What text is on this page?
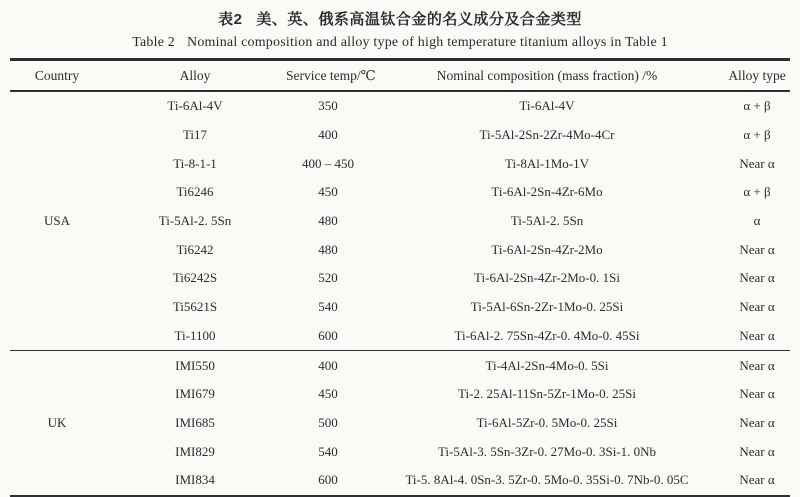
表2 美、英、俄系高温钛合金的名义成分及合金类型
Table 2 Nominal composition and alloy type of high temperature titanium alloys in Table 1
Country	Alloy	Service temp/℃	Nominal composition (mass fraction) /%	Alloy type
USA	Ti-6Al-4V	350	Ti-6Al-4V	α + β
	Ti17	400	Ti-5Al-2Sn-2Zr-4Mo-4Cr	α + β
	Ti-8-1-1	400 – 450	Ti-8Al-1Mo-1V	Near α
	Ti6246	450	Ti-6Al-2Sn-4Zr-6Mo	α + β
	Ti-5Al-2. 5Sn	480	Ti-5Al-2. 5Sn	α
	Ti6242	480	Ti-6Al-2Sn-4Zr-2Mo	Near α
	Ti6242S	520	Ti-6Al-2Sn-4Zr-2Mo-0. 1Si	Near α
	Ti5621S	540	Ti-5Al-6Sn-2Zr-1Mo-0. 25Si	Near α
	Ti-1100	600	Ti-6Al-2. 75Sn-4Zr-0. 4Mo-0. 45Si	Near α
UK	IMI550	400	Ti-4Al-2Sn-4Mo-0. 5Si	Near α
	IMI679	450	Ti-2. 25Al-11Sn-5Zr-1Mo-0. 25Si	Near α
	IMI685	500	Ti-6Al-5Zr-0. 5Mo-0. 25Si	Near α
	IMI829	540	Ti-5Al-3. 5Sn-3Zr-0. 27Mo-0. 3Si-1. 0Nb	Near α
	IMI834	600	Ti-5. 8Al-4. 0Sn-3. 5Zr-0. 5Mo-0. 35Si-0. 7Nb-0. 05C	Near α
